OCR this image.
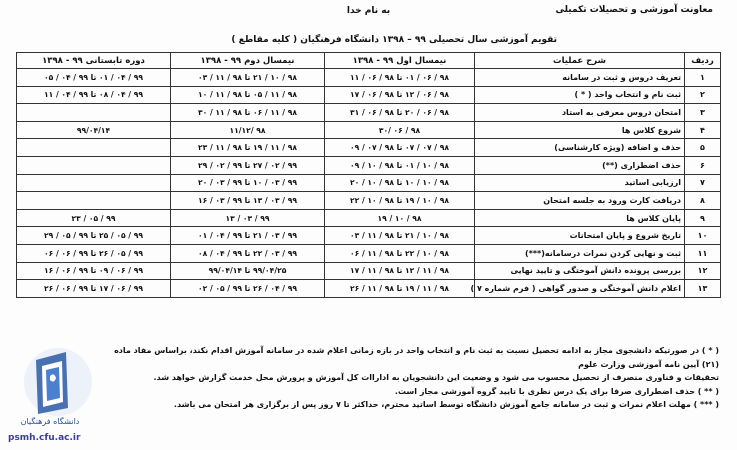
معاونت آموزشی و تحصیلات تکمیلی
به نام خدا
تقویم آموزشی سال تحصیلی ۹۹ – ۱۳۹۸ دانشگاه فرهنگیان ( کلیه مقاطع )
ردیف	شرح عملیات	نیمسال اول ۹۹ - ۱۳۹۸	نیمسال دوم ۹۹ - ۱۳۹۸	دوره تابستانی ۹۹ - ۱۳۹۸
۱	تعریف دروس و ثبت در سامانه	۹۸ / ۰۶ / ۰۱ تا ۹۸ / ۰۶ / ۱۱	۹۸ / ۱۰ / ۲۱ تا ۹۸ / ۱۱ / ۰۳	۹۹ / ۰۴ / ۰۱ تا ۹۹ / ۰۴ / ۰۵
۲	ثبت نام و انتخاب واحد ( * )	۹۸ / ۰۶ / ۱۲ تا ۹۸ / ۰۶ / ۱۷	۹۸ / ۱۱ / ۰۵ تا ۹۸ / ۱۱ / ۱۰	۹۹ / ۰۴ / ۰۸ تا ۹۹ / ۰۴ / ۱۱
۳	امتحان دروس معرفی به استاد	۹۸ / ۰۶ / ۲۰ تا ۹۸ / ۰۶ / ۳۱	۹۸ / ۱۱ / ۰۶ تا ۹۸ / ۱۱ / ۳۰	
۴	شروع کلاس ها	۹۸ / ۰۶ /۳۰	۹۸ /۱۱/۱۲	۹۹/۰۴/۱۴
۵	حذف و اضافه (ویژه کارشناسی)	۹۸ / ۰۷ / ۰۷ تا ۹۸ / ۰۷ / ۰۹	۹۸ / ۱۱ / ۱۹ تا ۹۸ / ۱۱ / ۲۳	
۶	حذف اضطراری (**)	۹۸ / ۱۰ / ۰۱ تا ۹۸ / ۱۰ / ۰۹	۹۹ / ۰۲ / ۲۷ تا ۹۹ / ۰۲ / ۲۹	
۷	ارزیابی اساتید	۹۸ / ۱۰ / ۱۰ تا ۹۸ / ۱۰ / ۲۰	۹۹ / ۰۳ / ۱۰ تا ۹۹ / ۰۳ / ۲۰	
۸	دریافت کارت ورود به جلسه امتحان	۹۸ / ۱۰ / ۱۹ تا ۹۸ / ۱۰ / ۲۲	۹۹ / ۰۳ / ۱۳ تا ۹۹ / ۰۳ / ۱۶	
۹	پایان کلاس ها	۹۸ / ۱۰ / ۱۹	۹۹ / ۰۳ / ۱۳	۹۹ / ۰۵ / ۲۳
۱۰	تاریخ شروع و پایان امتحانات	۹۸ / ۱۰ / ۲۱ تا ۹۸ / ۱۱ / ۰۳	۹۹ / ۰۳ / ۲۱ تا ۹۹ / ۰۴ / ۰۱	۹۹ / ۰۵ / ۲۵ تا ۹۹ / ۰۵ / ۲۹
۱۱	ثبت و نهایی کردن نمرات درسامانه(***)	۹۸ / ۱۰ / ۲۲ تا ۹۸ / ۱۱ / ۰۶	۹۹ / ۰۳ / ۲۲ تا ۹۹ / ۰۴ / ۰۸	۹۹ / ۰۵ / ۲۶ تا ۹۹ / ۰۶ / ۰۶
۱۲	بررسی پرونده دانش آموختگی و تایید نهایی	۹۸ / ۱۱ / ۱۲ تا ۹۸ / ۱۱ / ۱۷	۹۹/۰۴/۲۵ تا ۹۹/۰۴/۱۴	۹۹ / ۰۶ / ۰۹ تا ۹۹ / ۰۶ / ۱۶
۱۳	اعلام دانش آموختگی و صدور گواهی ( فرم شماره ۷ )	۹۸ / ۱۱ / ۱۹ تا ۹۸ / ۱۱ / ۲۶	۹۹ / ۰۴ / ۲۶ تا ۹۹ / ۰۵ / ۰۲	۹۹ / ۰۶ / ۱۷ تا ۹۹ / ۰۶ / ۲۶

( * ) در صورتیکه دانشجوی مجاز به ادامه تحصیل نسبت به ثبت نام و انتخاب واحد در بازه زمانی اعلام شده در سامانه آموزش اقدام نکند، براساس مفاد ماده (۲۱) آیین نامه آموزشی وزارت علوم

تحقیقات و فناوری منصرف از تحصیل محسوب می شود و وضعیت این دانشجویان به اداراات کل آموزش و پرورش محل خدمت گزارش خواهد شد.

( ** ) حذف اضطراری صرفا برای یک درس نظری با تایید گروه آموزشی مجاز است.

( *** ) مهلت اعلام نمرات و ثبت در سامانه جامع آموزش دانشگاه توسط اساتید محترم، حداکثر تا ۷ روز پس از برگزاری هر امتحان می باشد.

دانشگاه فرهنگیان
psmh.cfu.ac.ir
